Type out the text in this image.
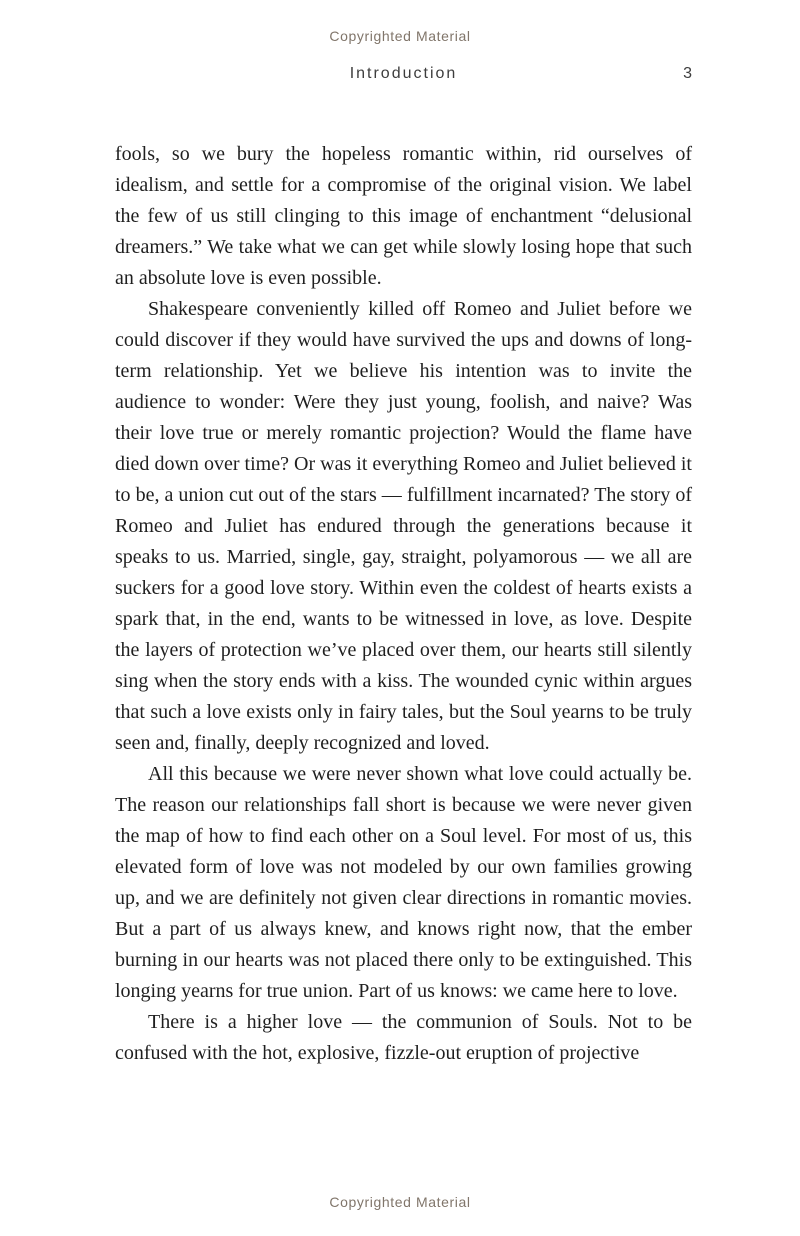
Copyrighted Material
Introduction	3

fools, so we bury the hopeless romantic within, rid ourselves of idealism, and settle for a compromise of the original vision. We label the few of us still clinging to this image of enchantment “delusional dreamers.” We take what we can get while slowly losing hope that such an absolute love is even possible.

Shakespeare conveniently killed off Romeo and Juliet before we could discover if they would have survived the ups and downs of long-term relationship. Yet we believe his intention was to invite the audience to wonder: Were they just young, foolish, and naive? Was their love true or merely romantic projection? Would the flame have died down over time? Or was it everything Romeo and Juliet believed it to be, a union cut out of the stars — fulfillment incarnated? The story of Romeo and Juliet has endured through the generations because it speaks to us. Married, single, gay, straight, polyamorous — we all are suckers for a good love story. Within even the coldest of hearts exists a spark that, in the end, wants to be witnessed in love, as love. Despite the layers of protection we’ve placed over them, our hearts still silently sing when the story ends with a kiss. The wounded cynic within argues that such a love exists only in fairy tales, but the Soul yearns to be truly seen and, finally, deeply recognized and loved.

All this because we were never shown what love could actually be. The reason our relationships fall short is because we were never given the map of how to find each other on a Soul level. For most of us, this elevated form of love was not modeled by our own families growing up, and we are definitely not given clear directions in romantic movies. But a part of us always knew, and knows right now, that the ember burning in our hearts was not placed there only to be extinguished. This longing yearns for true union. Part of us knows: we came here to love.

There is a higher love — the communion of Souls. Not to be confused with the hot, explosive, fizzle-out eruption of projective

Copyrighted Material
